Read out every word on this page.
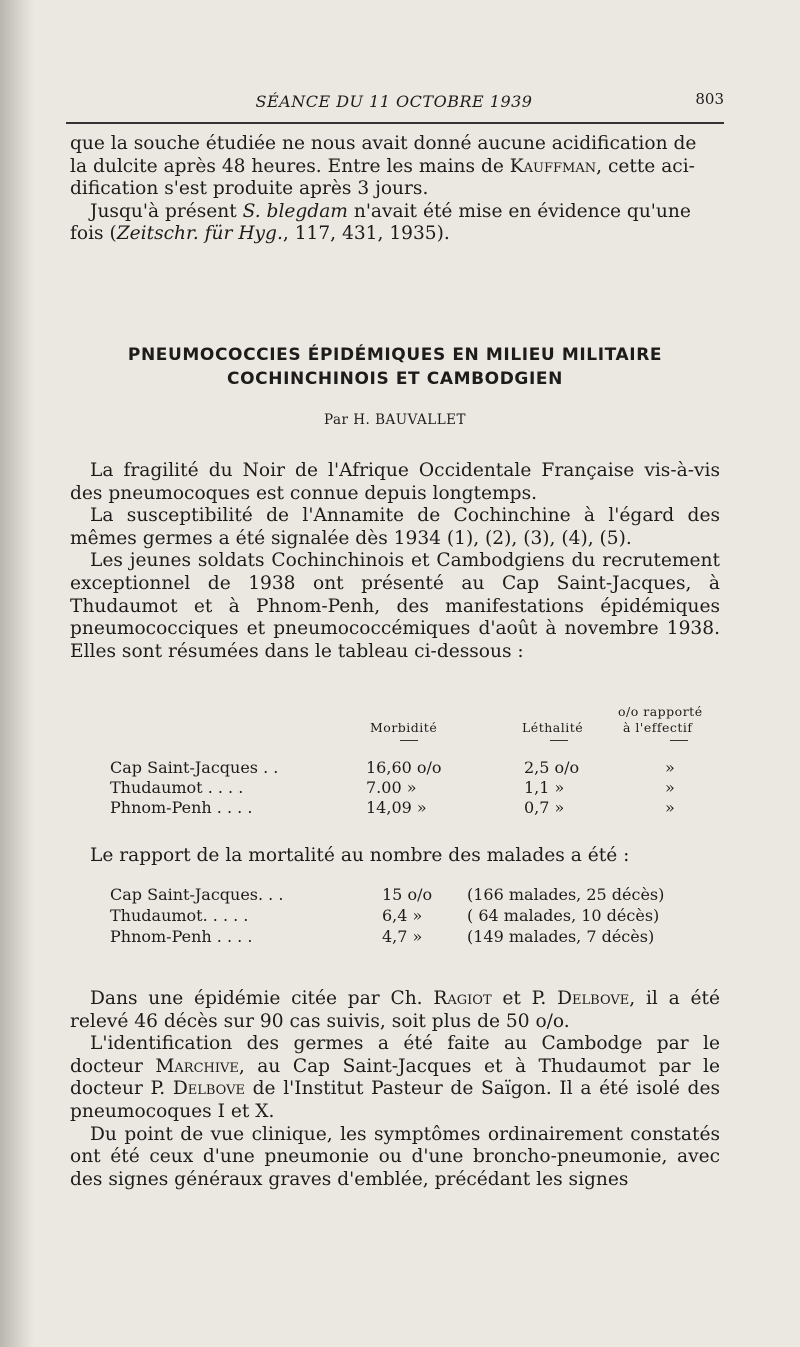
SÉANCE DU 11 OCTOBRE 1939	803

que la souche étudiée ne nous avait donné aucune acidification de

la dulcite après 48 heures. Entre les mains de Kauffman, cette aci-

dification s'est produite après 3 jours.

Jusqu'à présent S. blegdam n'avait été mise en évidence qu'une

fois (Zeitschr. für Hyg., 117, 431, 1935).

PNEUMOCOCCIES ÉPIDÉMIQUES EN MILIEU MILITAIRE
COCHINCHINOIS ET CAMBODGIEN
Par H. BAUVALLET

La fragilité du Noir de l'Afrique Occidentale Française vis-à-vis des pneumocoques est connue depuis longtemps.

La susceptibilité de l'Annamite de Cochinchine à l'égard des mêmes germes a été signalée dès 1934 (1), (2), (3), (4), (5).

Les jeunes soldats Cochinchinois et Cambodgiens du recrutement exceptionnel de 1938 ont présenté au Cap Saint-Jacques, à Thudaumot et à Phnom-Penh, des manifestations épidémiques pneumococciques et pneumococcémiques d'août à novembre 1938. Elles sont résumées dans le tableau ci-dessous :

o/o rapporté
Morbidité	Léthalité	à l'effectif
Cap Saint-Jacques . .	16,60 o/o	2,5 o/o	»
Thudaumot . . . .	7.00 »	1,1 »	»
Phnom-Penh . . . .	14,09 »	0,7 »	»

Le rapport de la mortalité au nombre des malades a été :

Cap Saint-Jacques. . .	15 o/o (166 malades, 25 décès)
Thudaumot. . . . .	6,4 »	( 64 malades, 10 décès)
Phnom-Penh . . . .	4,7 »	(149 malades, 7 décès)

Dans une épidémie citée par Ch. Ragiot et P. Delbove, il a été relevé 46 décès sur 90 cas suivis, soit plus de 50 o/o.

L'identification des germes a été faite au Cambodge par le docteur Marchive, au Cap Saint-Jacques et à Thudaumot par le docteur P. Delbove de l'Institut Pasteur de Saïgon. Il a été isolé des pneumocoques I et X.

Du point de vue clinique, les symptômes ordinairement constatés ont été ceux d'une pneumonie ou d'une broncho-pneumonie, avec des signes généraux graves d'emblée, précédant les signes
